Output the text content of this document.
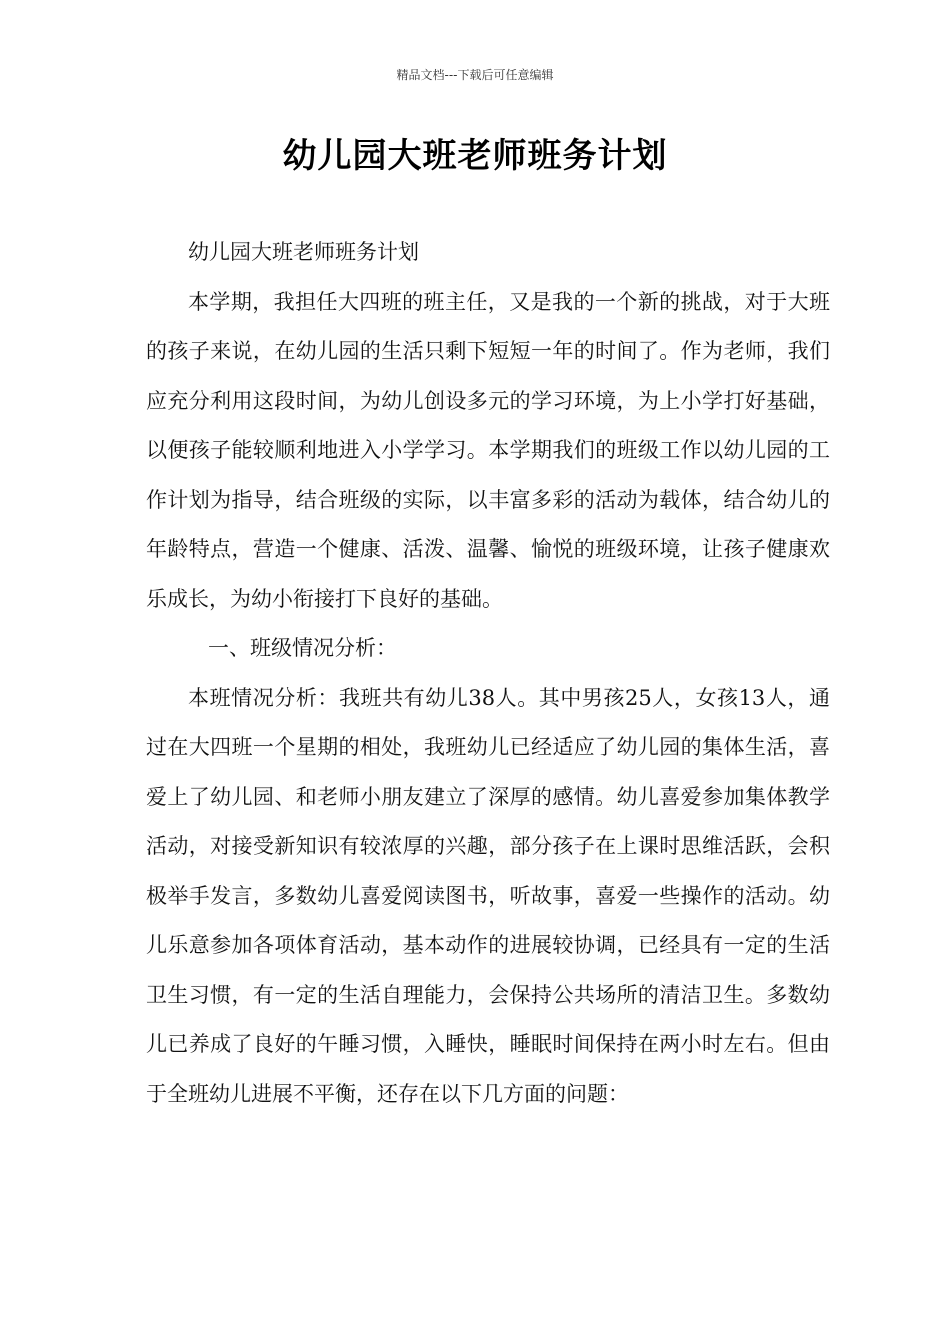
精品文档---下载后可任意编辑
幼儿园大班老师班务计划

幼儿园大班老师班务计划

本学期，我担任大四班的班主任，又是我的一个新的挑战，对于大班的孩子来说，在幼儿园的生活只剩下短短一年的时间了。作为老师，我们应充分利用这段时间，为幼儿创设多元的学习环境，为上小学打好基础，以便孩子能较顺利地进入小学学习。本学期我们的班级工作以幼儿园的工作计划为指导，结合班级的实际，以丰富多彩的活动为载体，结合幼儿的年龄特点，营造一个健康、活泼、温馨、愉悦的班级环境，让孩子健康欢乐成长，为幼小衔接打下良好的基础。

一、班级情况分析：

本班情况分析：我班共有幼儿38人。其中男孩25人，女孩13人，通过在大四班一个星期的相处，我班幼儿已经适应了幼儿园的集体生活，喜爱上了幼儿园、和老师小朋友建立了深厚的感情。幼儿喜爱参加集体教学活动，对接受新知识有较浓厚的兴趣，部分孩子在上课时思维活跃，会积极举手发言，多数幼儿喜爱阅读图书，听故事，喜爱一些操作的活动。幼儿乐意参加各项体育活动，基本动作的进展较协调，已经具有一定的生活卫生习惯，有一定的生活自理能力，会保持公共场所的清洁卫生。多数幼儿已养成了良好的午睡习惯，入睡快，睡眠时间保持在两小时左右。但由于全班幼儿进展不平衡，还存在以下几方面的问题：
